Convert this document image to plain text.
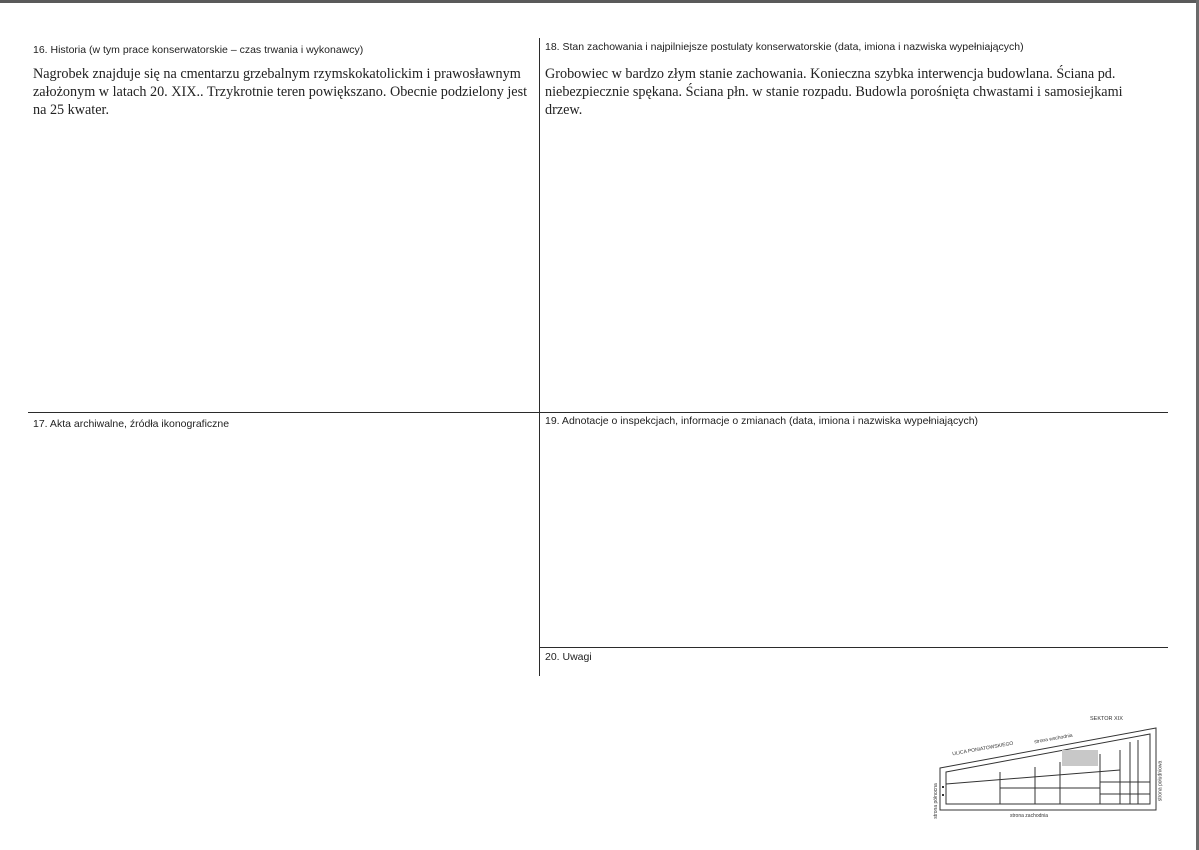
16. Historia (w tym prace konserwatorskie – czas trwania i wykonawcy)
Nagrobek znajduje się na cmentarzu grzebalnym rzymskokatolickim i prawosławnym założonym w latach 20. XIX.. Trzykrotnie teren powiększano. Obecnie podzielony jest na 25 kwater.
18. Stan zachowania i najpilniejsze postulaty konserwatorskie (data, imiona i nazwiska wypełniających)
Grobowiec w bardzo złym stanie zachowania. Konieczna szybka interwencja budowlana. Ściana pd. niebezpiecznie spękana. Ściana płn. w stanie rozpadu. Budowla porośnięta chwastami i samosiejkami drzew.
17. Akta archiwalne, źródła ikonograficzne	19. Adnotacje o inspekcjach, informacje o zmianach (data, imiona i nazwiska wypełniających)
20. Uwagi
SEKTOR XIX
ULICA PONIATOWSKIEGO
strona wschodnia
strona zachodnia
strona północna	strona południowa
